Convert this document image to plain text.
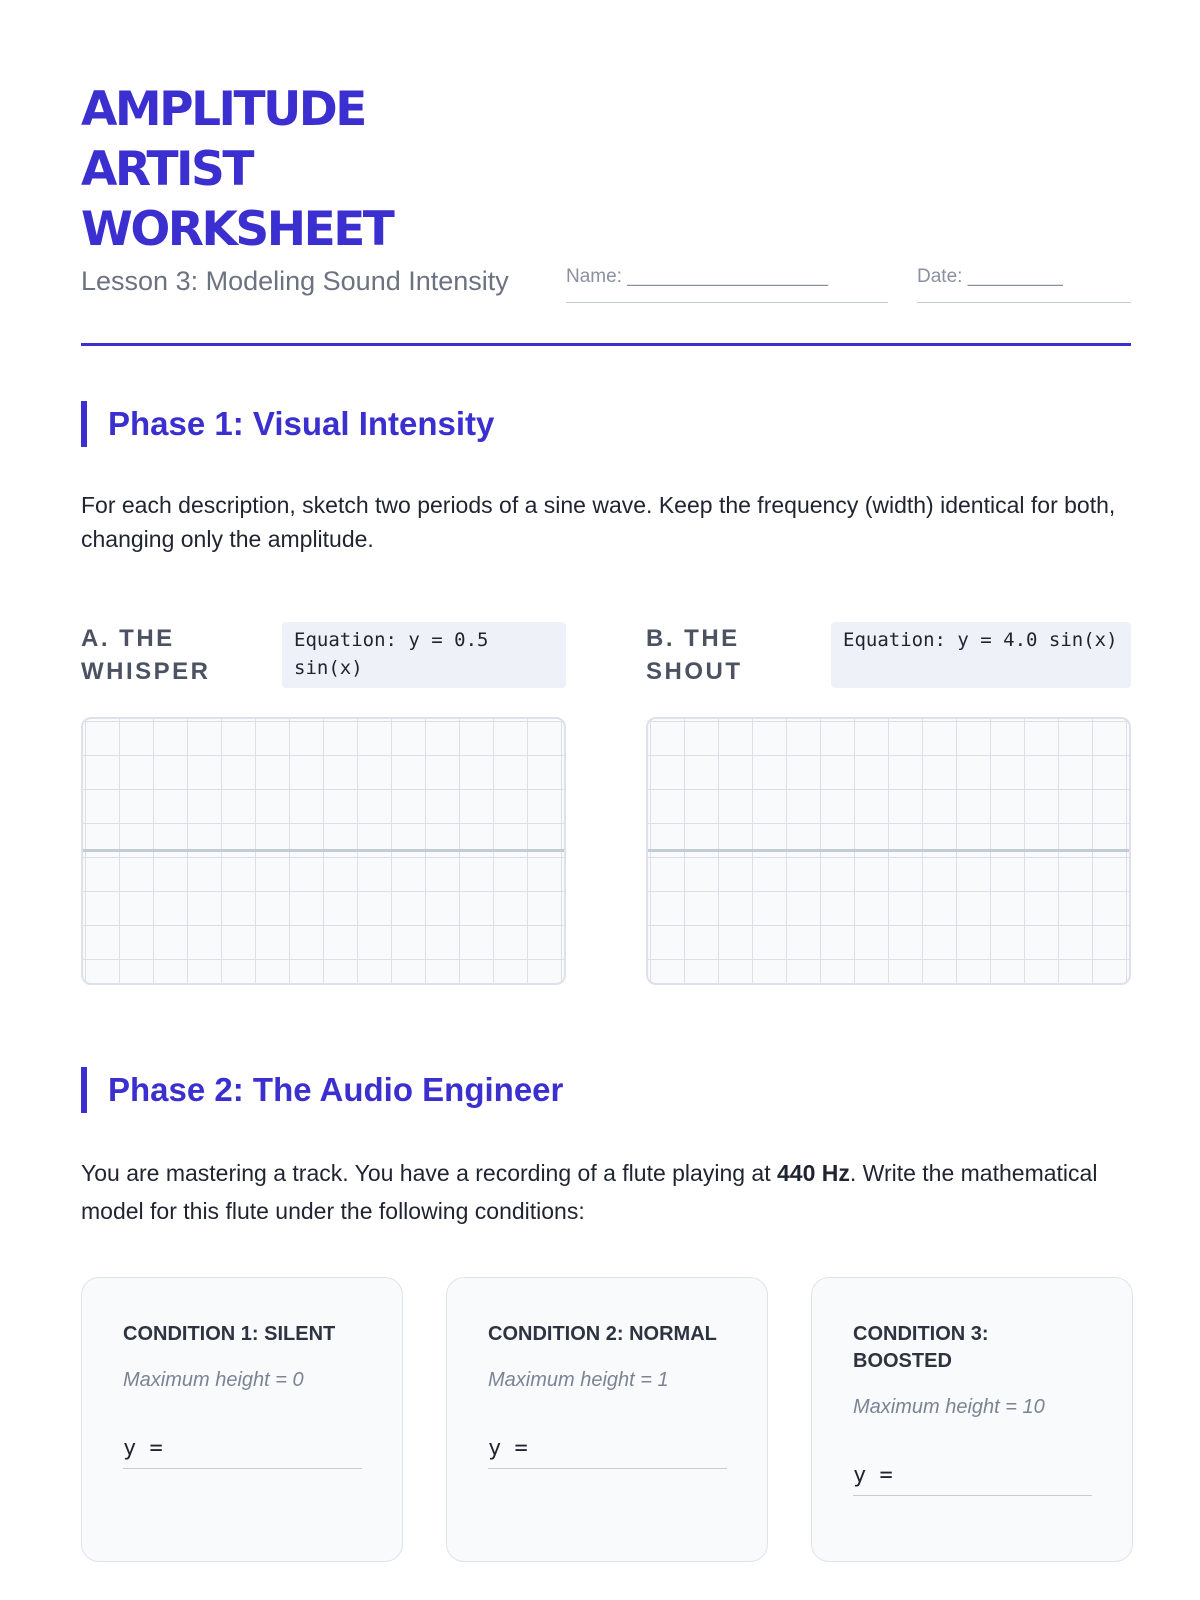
AMPLITUDE ARTIST WORKSHEET
Lesson 3: Modeling Sound Intensity	Name: ___________________	Date: _________
Phase 1: Visual Intensity

For each description, sketch two periods of a sine wave. Keep the frequency (width) identical for both, changing only the amplitude.

A. THE WHISPER
Equation: y = 0.5 sin(x)
B. THE SHOUT
Equation: y = 4.0 sin(x)
Phase 2: The Audio Engineer

You are mastering a track. You have a recording of a flute playing at 440 Hz. Write the mathematical model for this flute under the following conditions:

CONDITION 1: SILENT
Maximum height = 0
y =
CONDITION 2: NORMAL
Maximum height = 1
y =
CONDITION 3: BOOSTED
Maximum height = 10
y =
